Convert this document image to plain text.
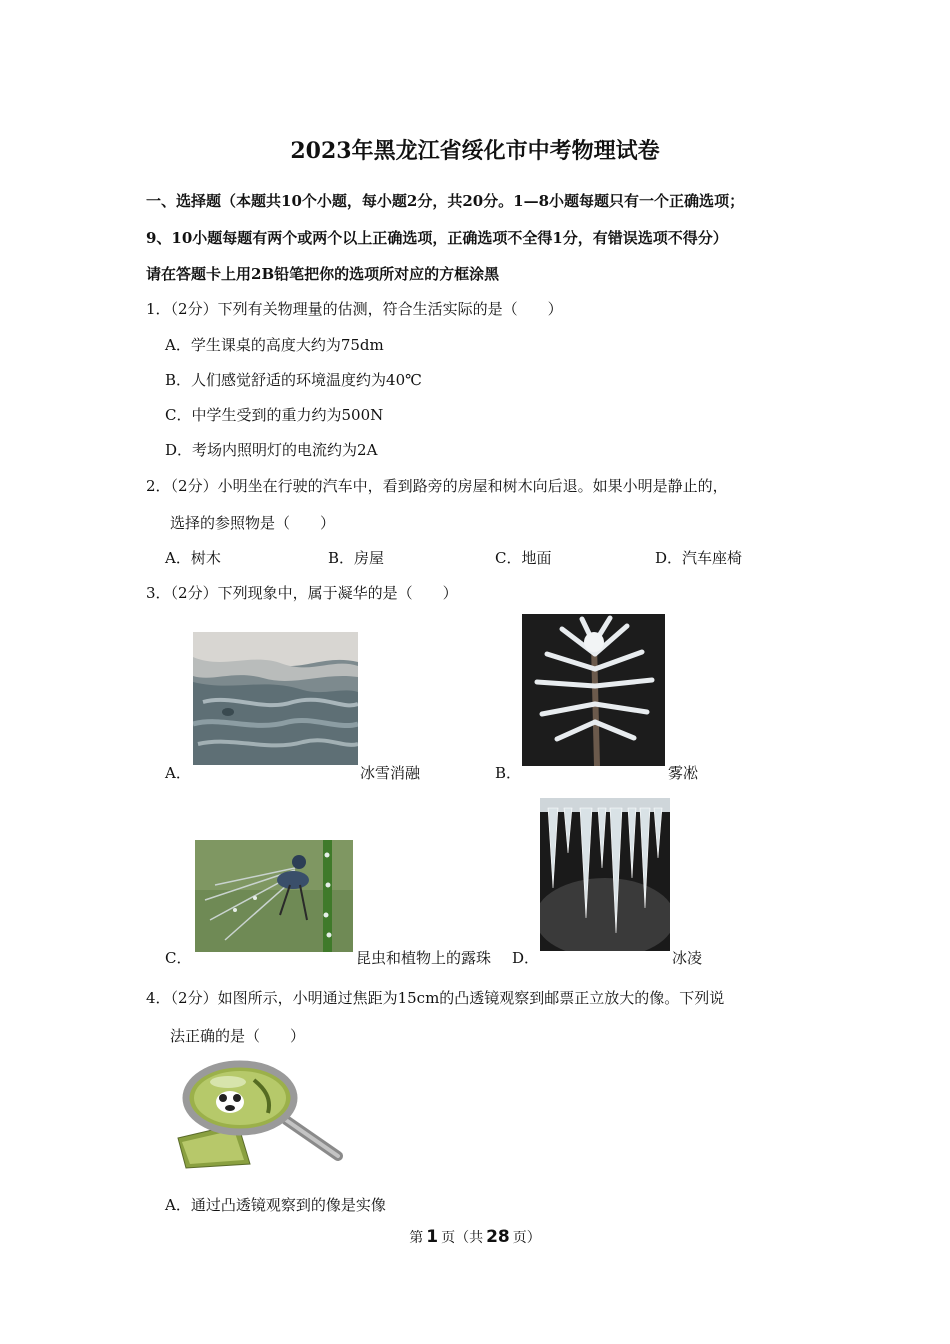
2023年黑龙江省绥化市中考物理试卷
一、选择题（本题共10个小题，每小题2分，共20分。1—8小题每题只有一个正确选项；
9、10小题每题有两个或两个以上正确选项，正确选项不全得1分，有错误选项不得分）
请在答题卡上用2B铅笔把你的选项所对应的方框涂黑
1．（2分）下列有关物理量的估测，符合生活实际的是（　　）
A．学生课桌的高度大约为75dm
B．人们感觉舒适的环境温度约为40℃
C．中学生受到的重力约为500N
D．考场内照明灯的电流约为2A
2．（2分）小明坐在行驶的汽车中，看到路旁的房屋和树木向后退。如果小明是静止的，
选择的参照物是（　　）
A．树木	B．房屋	C．地面	D．汽车座椅
3．（2分）下列现象中，属于凝华的是（　　）
A．	冰雪消融	B．	雾凇
C．	昆虫和植物上的露珠 D．	冰凌
4．（2分）如图所示，小明通过焦距为15cm的凸透镜观察到邮票正立放大的像。下列说
法正确的是（　　）
A．通过凸透镜观察到的像是实像
第 1 页（共 28 页）
